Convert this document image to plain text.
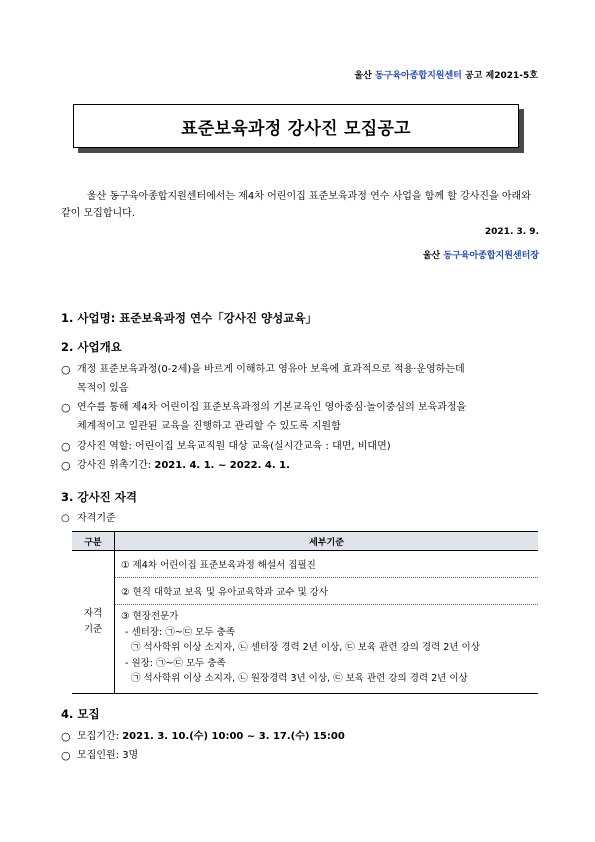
울산 동구육아종합지원센터 공고 제2021-5호
표준보육과정 강사진 모집공고
울산 동구육아종합지원센터에서는 제4차 어린이집 표준보육과정 연수 사업을 함께 할 강사진을 아래와 같이 모집합니다.
2021. 3. 9.
울산 동구육아종합지원센터장
1. 사업명: 표준보육과정 연수「강사진 양성교육」
2. 사업개요
○ 개정 표준보육과정(0-2세)을 바르게 이해하고 영유아 보육에 효과적으로 적용·운영하는데
목적이 있음
○ 연수를 통해 제4차 어린이집 표준보육과정의 기본교육인 영아중심·놀이중심의 보육과정을
체계적이고 일관된 교육을 진행하고 관리할 수 있도록 지원함
○ 강사진 역할: 어린이집 보육교직원 대상 교육(실시간교육 : 대면, 비대면)
○ 강사진 위촉기간: 2021. 4. 1. ~ 2022. 4. 1.
3. 강사진 자격
○ 자격기준
구분	세부기준
자격
기준	① 제4차 어린이집 표준보육과정 해설서 집필진
	② 현직 대학교 보육 및 유아교육학과 교수 및 강사

	③ 현장전문가
- 센터장: ㉠~㉢ 모두 충족
㉠ 석사학위 이상 소지자, ㉡ 센터장 경력 2년 이상, ㉢ 보육 관련 강의 경력 2년 이상
- 원장: ㉠~㉢ 모두 충족
㉠ 석사학위 이상 소지자, ㉡ 원장경력 3년 이상, ㉢ 보육 관련 강의 경력 2년 이상
4. 모집
○ 모집기간: 2021. 3. 10.(수) 10:00 ~ 3. 17.(수) 15:00
○ 모집인원: 3명
